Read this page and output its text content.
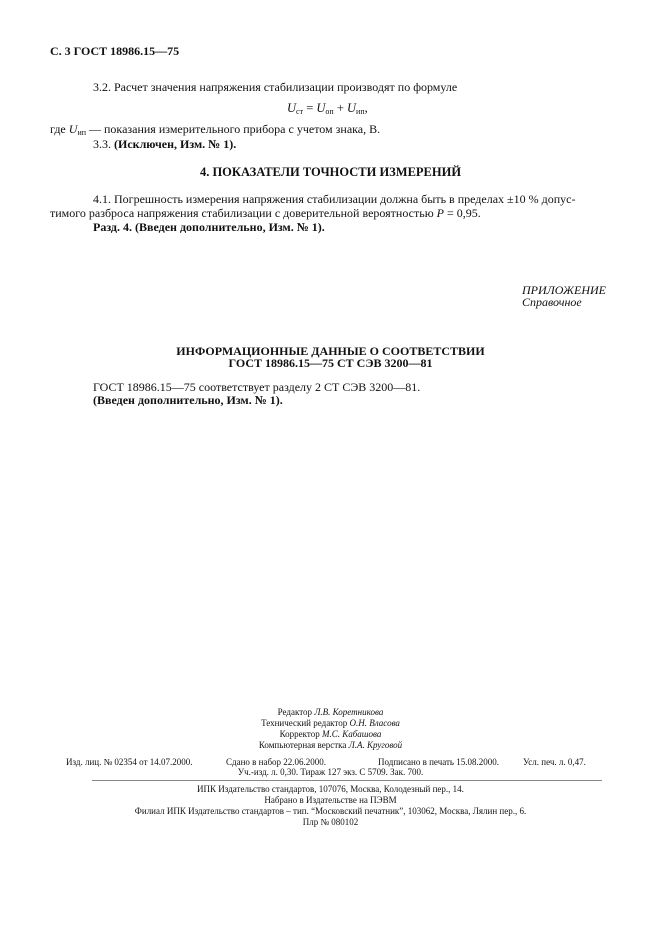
С. 3 ГОСТ 18986.15—75
3.2. Расчет значения напряжения стабилизации производят по формуле
$U_{ст} = U_{оп} + U_{ип}$,
где $U_{ип}$ — показания измерительного прибора с учетом знака, В.
3.3. (Исключен, Изм. № 1).
4. ПОКАЗАТЕЛИ ТОЧНОСТИ ИЗМЕРЕНИЙ
4.1. Погрешность измерения напряжения стабилизации должна быть в пределах ±10 % допус-
тимого разброса напряжения стабилизации с доверительной вероятностью P = 0,95.
Разд. 4. (Введен дополнительно, Изм. № 1).
ПРИЛОЖЕНИЕ
Справочное
ИНФОРМАЦИОННЫЕ ДАННЫЕ О СООТВЕТСТВИИ
ГОСТ 18986.15—75 СТ СЭВ 3200—81
ГОСТ 18986.15—75 соответствует разделу 2 СТ СЭВ 3200—81.
(Введен дополнительно, Изм. № 1).
Редактор Л.В. Коретникова
Технический редактор О.Н. Власова
Корректор М.С. Кабашова
Компьютерная верстка Л.А. Круговой
Изд. лиц. № 02354 от 14.07.2000.	Сдано в набор 22.06.2000.	Подписано в печать 15.08.2000.	Усл. печ. л. 0,47.
Уч.-изд. л. 0,30. Тираж 127 экз. С 5709. Зак. 700.
ИПК Издательство стандартов, 107076, Москва, Колодезный пер., 14.
Набрано в Издательстве на ПЭВМ
Филиал ИПК Издательство стандартов – тип. “Московский печатник”, 103062, Москва, Лялин пер., 6.
Плр № 080102
